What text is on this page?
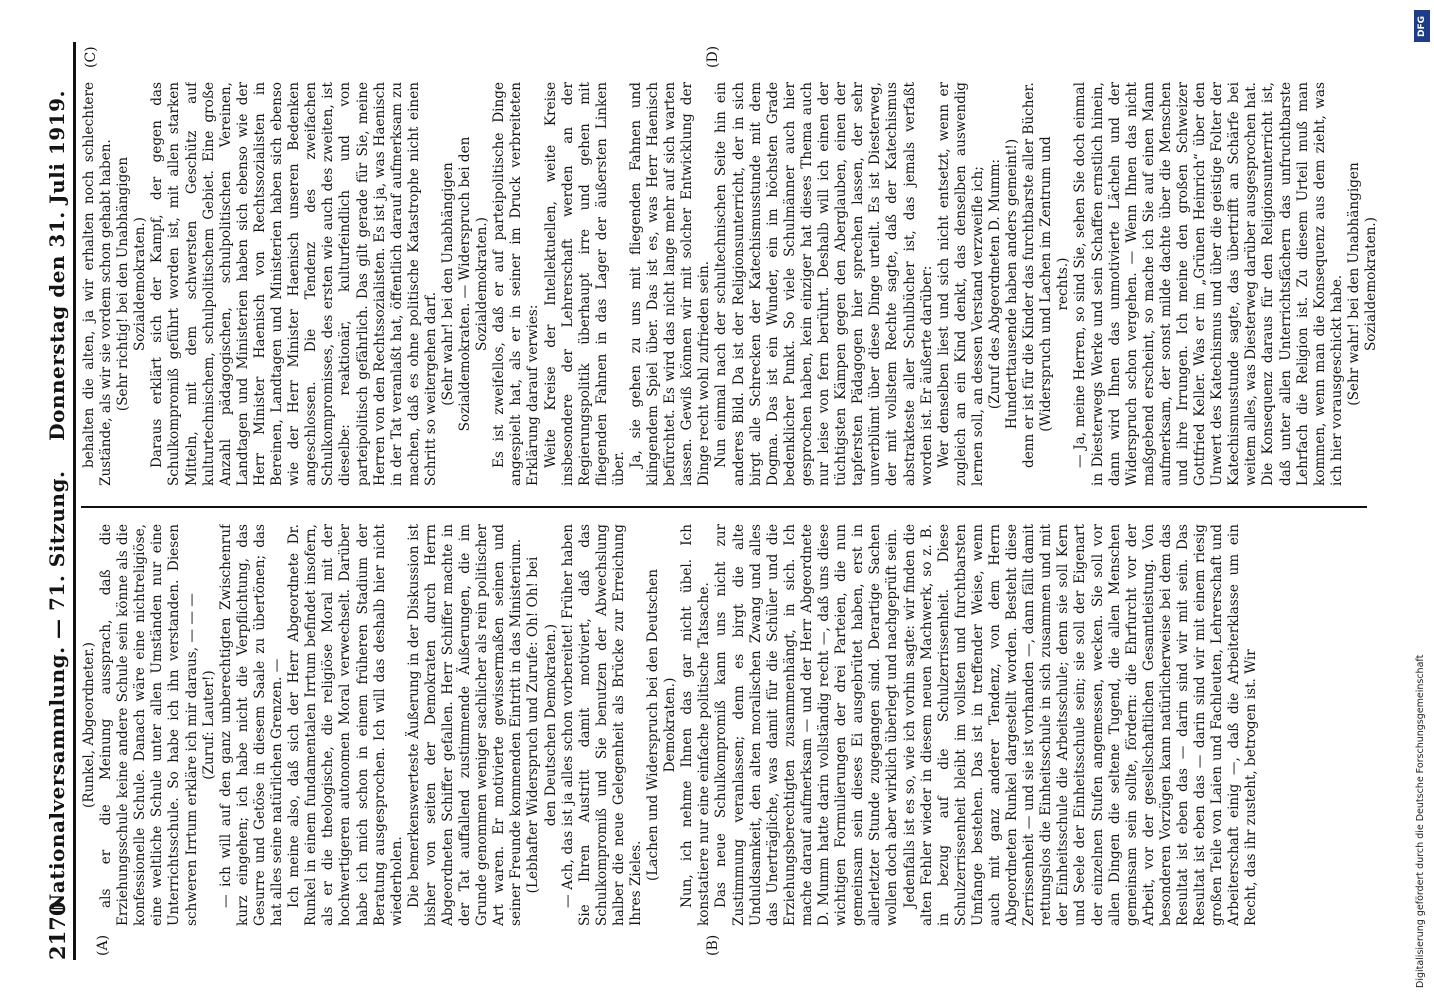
2170
Nationalversammlung. — 71. Sitzung.    Donnerstag den 31. Juli 1919.
(A)	(B)
(C)	(D)

(Runkel, Abgeordneter.) als er die Meinung aussprach, daß die Erziehungsschule keine andere Schule sein könne als die konfessionelle Schule. Danach wäre eine nichtreligiöse, eine weltliche Schule unter allen Umständen nur eine Unterrichtsschule. So habe ich ihn verstanden. Diesen schweren Irrtum erkläre ich mir daraus, — — — (Zuruf: Lauter!) — ich will auf den ganz unberechtigten Zwischenruf kurz eingehen; ich habe nicht die Verpflichtung, das Gesurre und Getöse in diesem Saale zu übertönen; das hat alles seine natürlichen Grenzen. — Ich meine also, daß sich der Herr Abgeordnete Dr. Runkel in einem fundamentalen Irrtum befindet insofern, als er die theologische, die religiöse Moral mit der hochwertigeren autonomen Moral verwechselt. Darüber habe ich mich schon in einem früheren Stadium der Beratung ausgesprochen. Ich will das deshalb hier nicht wiederholen. Die bemerkenswerteste Äußerung in der Diskussion ist bisher von seiten der Demokraten durch Herrn Abgeordneten Schiffer gefallen. Herr Schiffer machte in der Tat auffallend zustimmende Äußerungen, die im Grunde genommen weniger sachlicher als rein politischer Art waren. Er motivierte gewissermaßen seinen und seiner Freunde kommenden Eintritt in das Ministerium. (Lebhafter Widerspruch und Zurufe: Oh! Oh! bei den Deutschen Demokraten.) — Ach, das ist ja alles schon vorbereitet! Früher haben Sie Ihren Austritt damit motiviert, daß das Schulkompromiß und Sie benutzen der Abwechslung halber die neue Gelegenheit als Brücke zur Erreichung Ihres Zieles.

(Lachen und Widerspruch bei den Deutschen Demokraten.) Nun, ich nehme Ihnen das gar nicht übel. Ich konstatiere nur eine einfache politische Tatsache. Das neue Schulkompromiß kann uns nicht zur Zustimmung veranlassen; denn es birgt die alte Unduldsamkeit, den alten moralischen Zwang und alles das Unerträgliche, was damit für die Schüler und die Erziehungsberechtigten zusammenhängt, in sich. Ich mache darauf aufmerksam — und der Herr Abgeordnete D. Mumm hatte darin vollständig recht —, daß uns diese wichtigen Formulierungen der drei Parteien, die nun gemeinsam sein dieses Ei ausgebrütet haben, erst in allerletzter Stunde zugegangen sind. Derartige Sachen wollen doch aber wirklich überlegt und nachgeprüft sein. Jedenfalls ist es so, wie ich vorhin sagte: wir finden die alten Fehler wieder in diesem neuen Machwerk, so z. B. in bezug auf die Schulzerrissenheit. Diese Schulzerrissenheit bleibt im vollsten und furchtbarsten Umfange bestehen. Das ist in treffender Weise, wenn auch mit ganz anderer Tendenz, von dem Herrn Abgeordneten Runkel dargestellt worden. Besteht diese Zerrissenheit — und sie ist vorhanden —, dann fällt damit rettungslos die Einheitsschule in sich zusammen und mit der Einheitsschule die Arbeitsschule; denn sie soll Kern und Seele der Einheitsschule sein; sie soll der Eigenart der einzelnen Stufen angemessen, wecken. Sie soll vor allen Dingen die seltene Tugend, die allen Menschen gemeinsam sein sollte, fördern: die Ehrfurcht vor der Arbeit, vor der gesellschaftlichen Gesamtleistung. Von besonderen Vorzügen kann natürlicherweise bei dem das Resultat ist eben das — darin sind wir mit sein. Das Resultat ist eben das — darin sind wir mit einem riesig großen Teile von Laien und Fachleuten, Lehrerschaft und Arbeiterschaft einig —, daß die Arbeiterklasse um ein Recht, das ihr zusteht, betrogen ist. Wir

behalten die alten, ja wir erhalten noch schlechtere Zustände, als wir sie vordem schon gehabt haben. (Sehr richtig! bei den Unabhängigen Sozialdemokraten.) Daraus erklärt sich der Kampf, der gegen das Schulkompromiß geführt worden ist, mit allen starken Mitteln, mit dem schwersten Geschütz auf kulturtechnischem, schulpolitischem Gebiet. Eine große Anzahl pädagogischen, schulpolitischen Vereinen, Landtagen und Ministerien haben sich ebenso wie der Herr Minister Haenisch von Rechtssozialisten in Bereinen, Landtagen und Ministerien haben sich ebenso wie der Herr Minister Haenisch unseren Bedenken angeschlossen. Die Tendenz des zweifachen Schulkompromisses, des ersten wie auch des zweiten, ist dieselbe: reaktionär, kulturfeindlich und von parteipolitisch gefährlich. Das gilt gerade für Sie, meine Herren von den Rechtssozialisten. Es ist ja, was Haenisch in der Tat veranlaßt hat, öffentlich darauf aufmerksam zu machen, daß es ohne politische Katastrophe nicht einen Schritt so weitergehen darf. (Sehr wahr! bei den Unabhängigen Sozialdemokraten. — Widerspruch bei den Sozialdemokraten.) Es ist zweifellos, daß er auf parteipolitische Dinge angespielt hat, als er in seiner im Druck verbreiteten Erklärung darauf verwies: Weite Kreise der Intellektuellen, weite Kreise insbesondere der Lehrerschaft werden an der Regierungspolitik überhaupt irre und gehen mit fliegenden Fahnen in das Lager der äußersten Linken über.

Ja, sie gehen zu uns mit fliegenden Fahnen und klingendem Spiel über. Das ist es, was Herr Haenisch befürchtet. Es wird das nicht lange mehr auf sich warten lassen. Gewiß können wir mit solcher Entwicklung der Dinge recht wohl zufrieden sein. Nun einmal nach der schultechnischen Seite hin ein anderes Bild. Da ist der Religionsunterricht, der in sich birgt alle Schrecken der Katechismusstunde mit dem Dogma. Das ist ein Wunder, ein im höchsten Grade bedenklicher Punkt. So viele Schulmänner auch hier gesprochen haben, kein einziger hat dieses Thema auch nur leise von fern berührt. Deshalb will ich einen der tüchtigsten Kämpen gegen den Aberglauben, einen der tapfersten Pädagogen hier sprechen lassen, der sehr unverblümt über diese Dinge urteilt. Es ist Diesterweg, der mit vollstem Rechte sagte, daß der Katechismus abstrakteste aller Schulbücher ist, das jemals verfaßt worden ist. Er äußerte darüber: Wer denselben liest und sich nicht entsetzt, wenn er zugleich an ein Kind denkt, das denselben auswendig lernen soll, an dessen Verstand verzweifle ich; (Zuruf des Abgeordneten D. Mumm: Hunderttausende haben anders gemeint!) denn er ist für die Kinder das furchtbarste aller Bücher. (Widerspruch und Lachen im Zentrum und rechts.) — Ja, meine Herren, so sind Sie, sehen Sie doch einmal in Diesterwegs Werke und sein Schaffen ernstlich hinein, dann wird Ihnen das unmotivierte Lächeln und der Widerspruch schon vergehen. — Wenn Ihnen das nicht maßgebend erscheint, so mache ich Sie auf einen Mann aufmerksam, der sonst milde dachte über die Menschen und ihre Irrungen. Ich meine den großen Schweizer Gottfried Keller. Was er im „Grünen Heinrich“ über den Unwert des Katechismus und über die geistige Folter der Katechismusstunde sagte, das übertrifft an Schärfe bei weitem alles, was Diesterweg darüber ausgesprochen hat. Die Konsequenz daraus für den Religionsunterricht ist, daß unter allen Unterrichtsfächern das unfruchtbarste Lehrfach die Religion ist. Zu diesem Urteil muß man kommen, wenn man die Konsequenz aus dem zieht, was ich hier vorausgeschickt habe. (Sehr wahr! bei den Unabhängigen Sozialdemokraten.)

DFG
Digitalisierung gefördert durch die Deutsche Forschungsgemeinschaft
